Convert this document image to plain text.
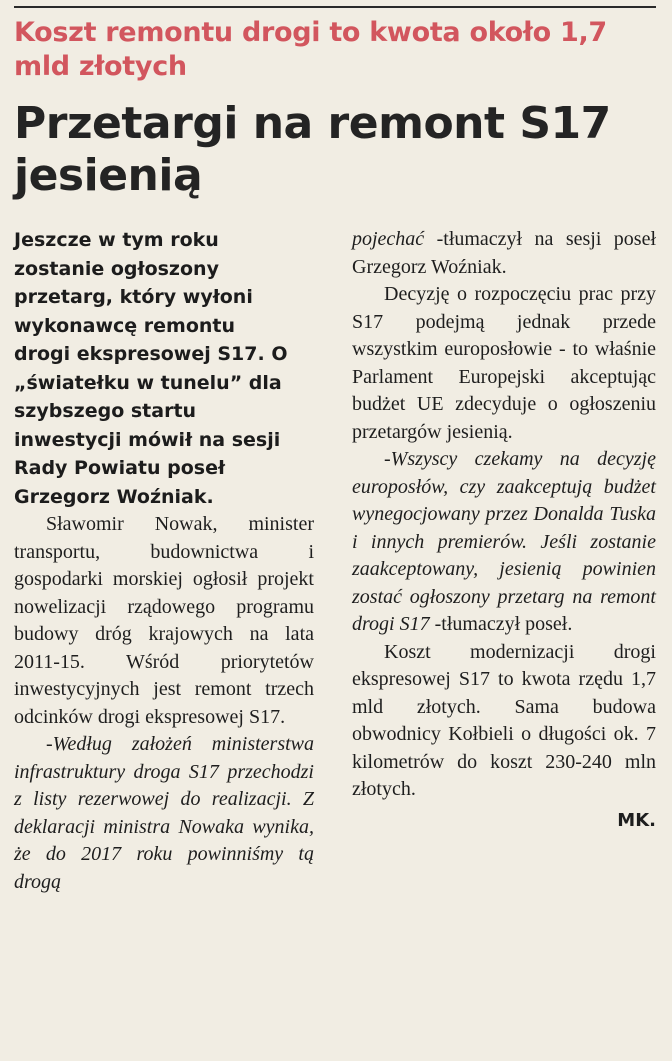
Koszt remontu drogi to kwota około 1,7 mld złotych
Przetargi na remont S17 jesienią
Jeszcze w tym roku zostanie ogłoszony przetarg, który wyłoni wykonawcę remontu drogi ekspresowej S17. O „światełku w tunelu” dla szybszego startu inwestycji mówił na sesji Rady Powiatu poseł Grzegorz Woźniak.

Sławomir Nowak, minister transportu, budownictwa i gospodarki morskiej ogłosił projekt nowelizacji rządowego programu budowy dróg krajowych na lata 2011-15. Wśród priorytetów inwestycyjnych jest remont trzech odcinków drogi ekspresowej S17.

-Według założeń ministerstwa infrastruktury droga S17 przechodzi z listy rezerwowej do realizacji. Z deklaracji ministra Nowaka wynika, że do 2017 roku powinniśmy tą drogą

pojechać -tłumaczył na sesji poseł Grzegorz Woźniak.

Decyzję o rozpoczęciu prac przy S17 podejmą jednak przede wszystkim europosłowie - to właśnie Parlament Europejski akceptując budżet UE zdecyduje o ogłoszeniu przetargów jesienią.

-Wszyscy czekamy na decyzję europosłów, czy zaakceptują budżet wynegocjowany przez Donalda Tuska i innych premierów. Jeśli zostanie zaakceptowany, jesienią powinien zostać ogłoszony przetarg na remont drogi S17 -tłumaczył poseł.

Koszt modernizacji drogi ekspresowej S17 to kwota rzędu 1,7 mld złotych. Sama budowa obwodnicy Kołbieli o długości ok. 7 kilometrów do koszt 230-240 mln złotych.

MK.
